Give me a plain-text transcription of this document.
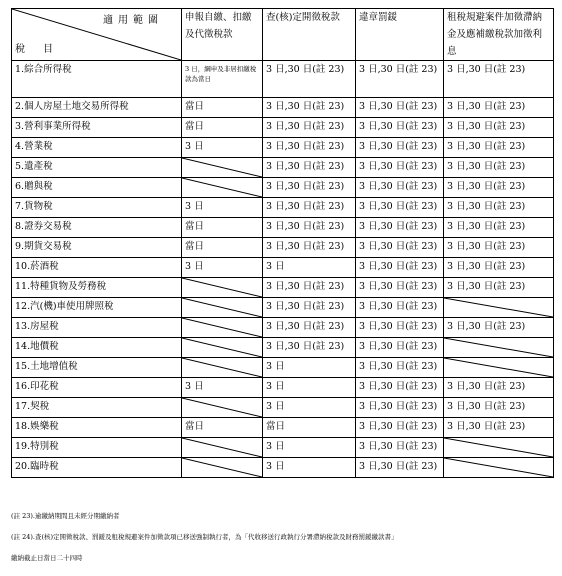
適用範圍
稅目	申報自繳、扣繳及代徵稅款	查(核)定開徵稅款	違章罰鍰	租稅規避案件加徵滯納金及應補繳稅款加徵利息
1.綜合所得稅	3 日，綱申及非居扣繳稅款為當日	3 日,30 日(註 23)	3 日,30 日(註 23)	3 日,30 日(註 23)
2.個人房屋土地交易所得稅	當日	3 日,30 日(註 23)	3 日,30 日(註 23)	3 日,30 日(註 23)
3.營利事業所得稅	當日	3 日,30 日(註 23)	3 日,30 日(註 23)	3 日,30 日(註 23)
4.營業稅	3 日	3 日,30 日(註 23)	3 日,30 日(註 23)	3 日,30 日(註 23)
5.遺產稅		3 日,30 日(註 23)	3 日,30 日(註 23)	3 日,30 日(註 23)
6.贈與稅		3 日,30 日(註 23)	3 日,30 日(註 23)	3 日,30 日(註 23)
7.貨物稅	3 日	3 日,30 日(註 23)	3 日,30 日(註 23)	3 日,30 日(註 23)
8.證券交易稅	當日	3 日,30 日(註 23)	3 日,30 日(註 23)	3 日,30 日(註 23)
9.期貨交易稅	當日	3 日,30 日(註 23)	3 日,30 日(註 23)	3 日,30 日(註 23)
10.菸酒稅	3 日	3 日	3 日,30 日(註 23)	3 日,30 日(註 23)
11.特種貨物及勞務稅		3 日,30 日(註 23)	3 日,30 日(註 23)	3 日,30 日(註 23)
12.汽(機)車使用牌照稅		3 日,30 日(註 23)	3 日,30 日(註 23)	

13.房屋稅		3 日,30 日(註 23)	3 日,30 日(註 23)	3 日,30 日(註 23)
14.地價稅		3 日,30 日(註 23)	3 日,30 日(註 23)	

15.土地增值稅		3 日	3 日,30 日(註 23)	

16.印花稅	3 日	3 日	3 日,30 日(註 23)	3 日,30 日(註 23)
17.契稅		3 日	3 日,30 日(註 23)	3 日,30 日(註 23)
18.娛樂稅	當日	當日	3 日,30 日(註 23)	3 日,30 日(註 23)
19.特別稅		3 日	3 日,30 日(註 23)	

20.臨時稅		3 日	3 日,30 日(註 23)	
(註 23).逾繳納期間且未經分期繳納者
(註 24).查(核)定開徵稅款、罰鍰及租稅規避案件加徵款項已移送強制執行者，為「代收移送行政執行分署滯納稅款及財務罰鍰繳款書」
繳納截止日當日二十四時
